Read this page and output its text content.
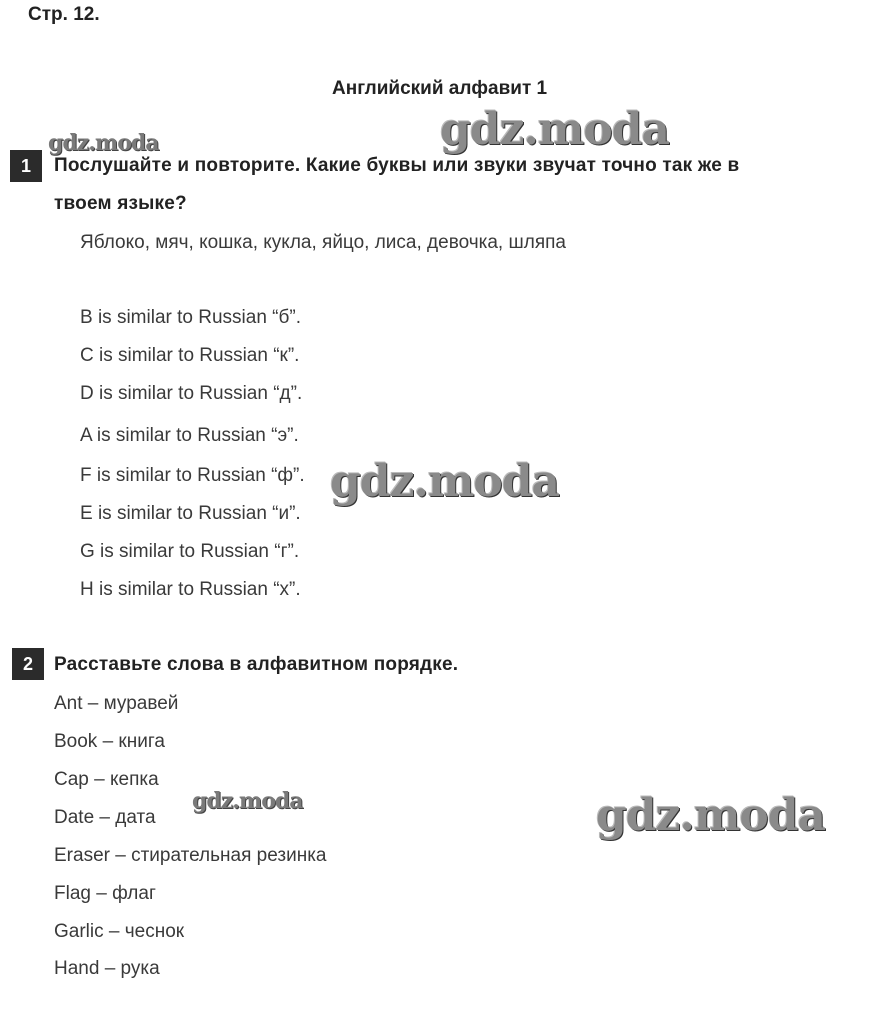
Стр. 12.
Английский алфавит 1
gdz.moda	gdz.moda
gdz.moda
gdz.moda	gdz.moda
1	Послушайте и повторите. Какие буквы или звуки звучат точно так же в
твоем языке?
Яблоко, мяч, кошка, кукла, яйцо, лиса, девочка, шляпа
B is similar to Russian “б”.
C is similar to Russian “к”.
D is similar to Russian “д”.
A is similar to Russian “э”.
F is similar to Russian “ф”.
E is similar to Russian “и”.
G is similar to Russian “г”.
H is similar to Russian “х”.
2	Расставьте слова в алфавитном порядке.
Ant – муравей
Book – книга
Cap – кепка
Date – дата
Eraser – стирательная резинка
Flag – флаг
Garlic – чеснок
Hand – рука
